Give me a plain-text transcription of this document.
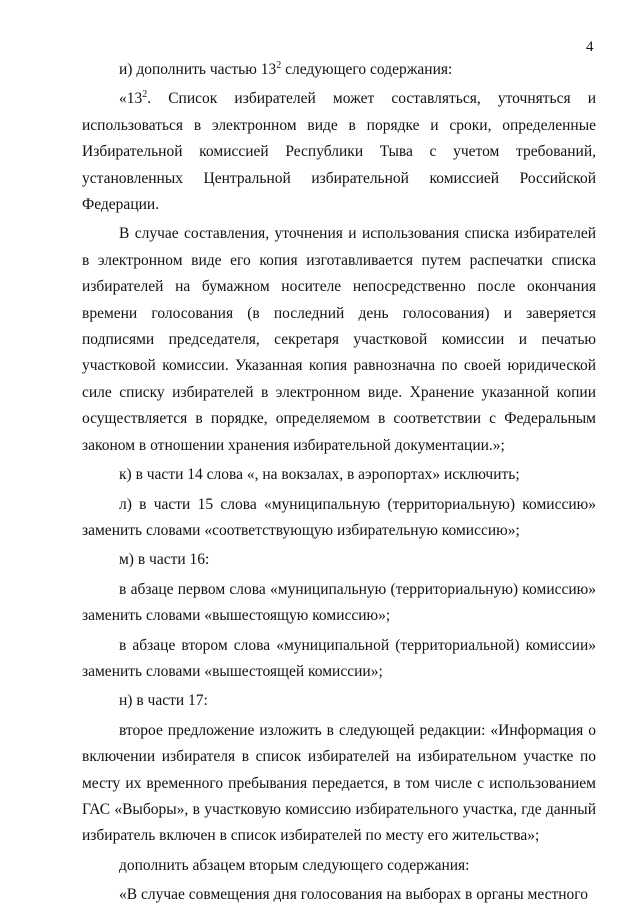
4

и) дополнить частью $13^2$ следующего содержания:

«$13^2$. Список избирателей может составляться, уточняться и использоваться в электронном виде в порядке и сроки, определенные Избирательной комиссией Республики Тыва с учетом требований, установленных Центральной избирательной комиссией Российской Федерации.

В случае составления, уточнения и использования списка избирателей в электронном виде его копия изготавливается путем распечатки списка избирателей на бумажном носителе непосредственно после окончания времени голосования (в последний день голосования) и заверяется подписями председателя, секретаря участковой комиссии и печатью участковой комиссии. Указанная копия равнозначна по своей юридической силе списку избирателей в электронном виде. Хранение указанной копии осуществляется в порядке, определяемом в соответствии с Федеральным законом в отношении хранения избирательной документации.»;

к) в части 14 слова «, на вокзалах, в аэропортах» исключить;

л) в части 15 слова «муниципальную (территориальную) комиссию» заменить словами «соответствующую избирательную комиссию»;

м) в части 16:

в абзаце первом слова «муниципальную (территориальную) комиссию» заменить словами «вышестоящую комиссию»;

в абзаце втором слова «муниципальной (территориальной) комиссии» заменить словами «вышестоящей комиссии»;

н) в части 17:

второе предложение изложить в следующей редакции: «Информация о включении избирателя в список избирателей на избирательном участке по месту их временного пребывания передается, в том числе с использованием ГАС «Выборы», в участковую комиссию избирательного участка, где данный избиратель включен в список избирателей по месту его жительства»;

дополнить абзацем вторым следующего содержания:

«В случае совмещения дня голосования на выборах в органы местного
